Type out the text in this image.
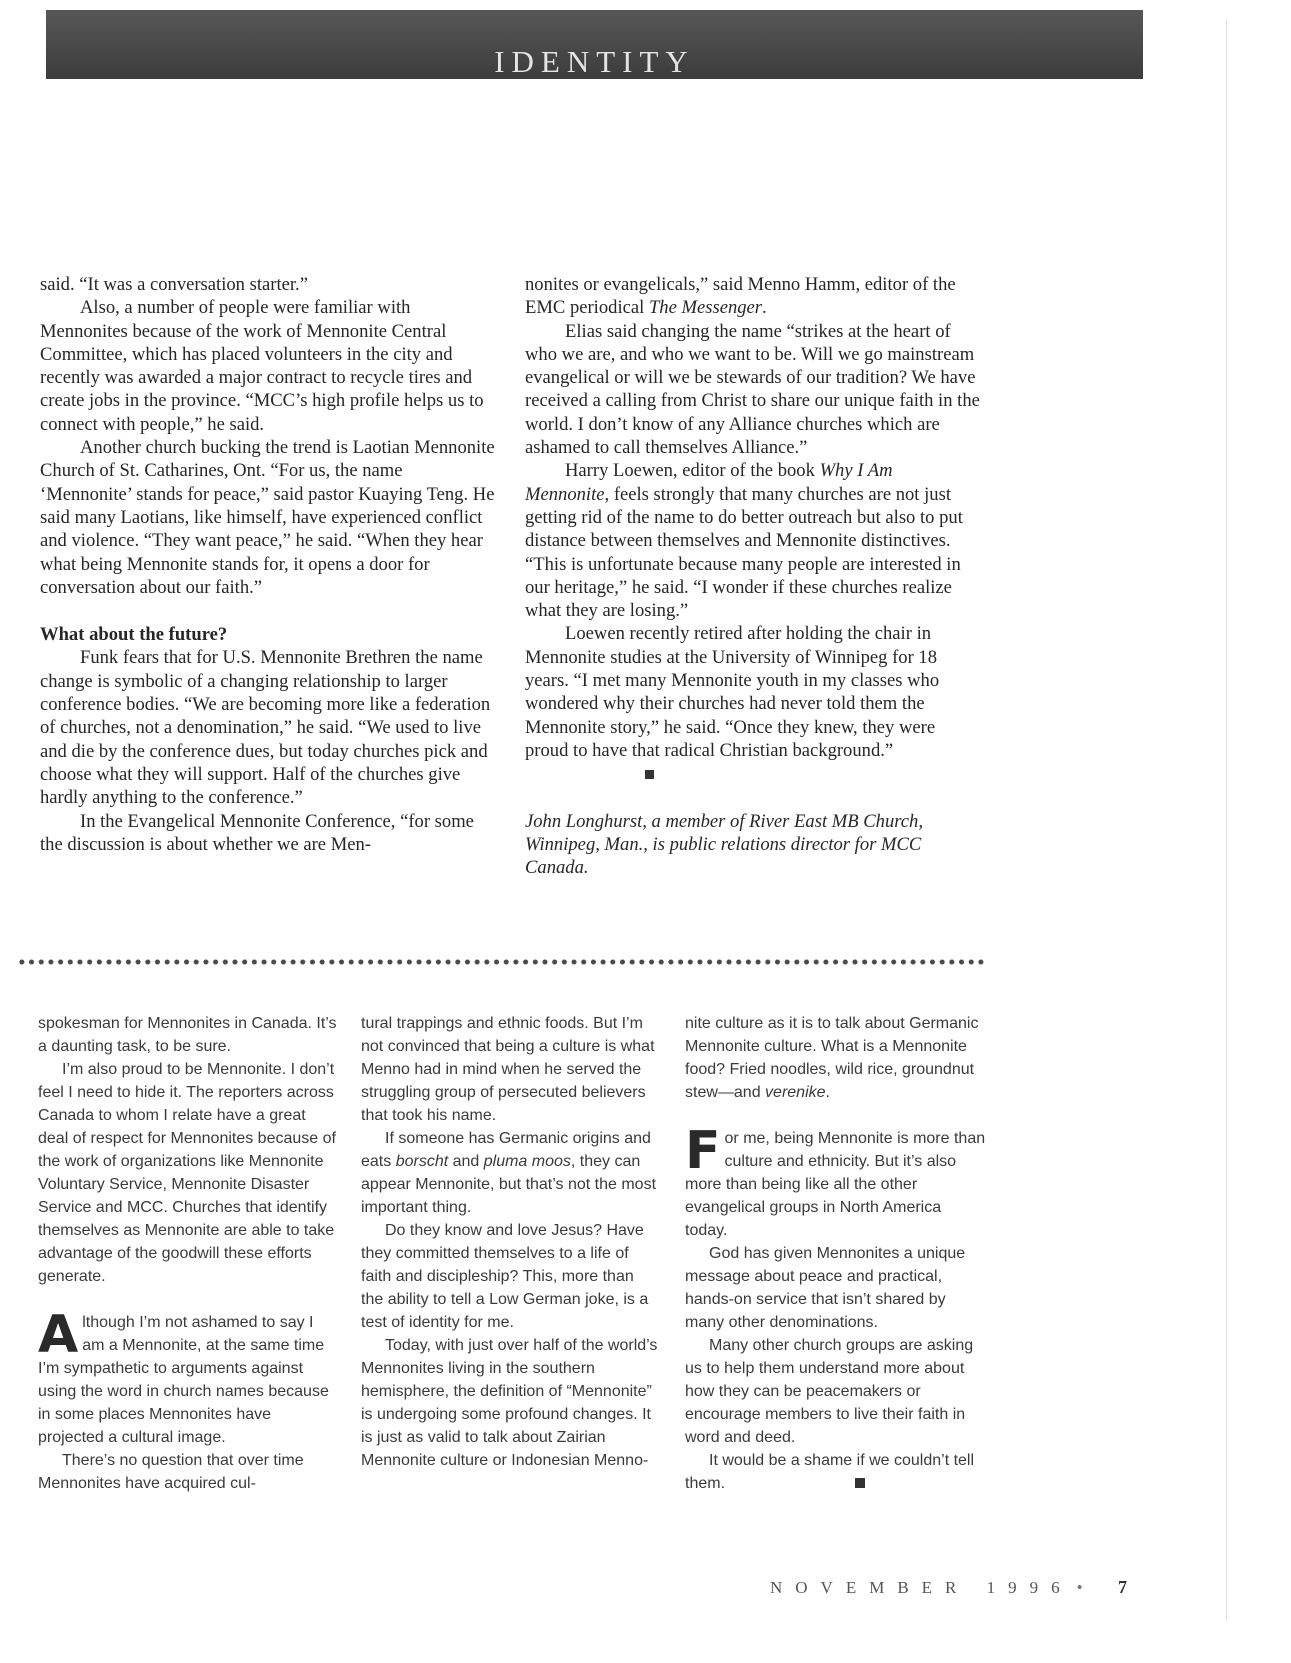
IDENTITY

said. “It was a conversation starter.”

Also, a number of people were familiar with Mennonites because of the work of Mennonite Central Committee, which has placed volunteers in the city and recently was awarded a major contract to recycle tires and create jobs in the province. “MCC’s high profile helps us to connect with people,” he said.

Another church bucking the trend is Laotian Mennonite Church of St. Catharines, Ont. “For us, the name ‘Mennonite’ stands for peace,” said pastor Kuaying Teng. He said many Laotians, like himself, have experienced conflict and violence. “They want peace,” he said. “When they hear what being Mennonite stands for, it opens a door for conversation about our faith.”

What about the future?

Funk fears that for U.S. Mennonite Brethren the name change is symbolic of a changing relationship to larger conference bodies. “We are becoming more like a federation of churches, not a denomination,” he said. “We used to live and die by the conference dues, but today churches pick and choose what they will support. Half of the churches give hardly anything to the conference.”

In the Evangelical Mennonite Conference, “for some the discussion is about whether we are Men-

nonites or evangelicals,” said Menno Hamm, editor of the EMC periodical The Messenger.

Elias said changing the name “strikes at the heart of who we are, and who we want to be. Will we go mainstream evangelical or will we be stewards of our tradition? We have received a calling from Christ to share our unique faith in the world. I don’t know of any Alliance churches which are ashamed to call themselves Alliance.”

Harry Loewen, editor of the book Why I Am Mennonite, feels strongly that many churches are not just getting rid of the name to do better outreach but also to put distance between themselves and Mennonite distinctives. “This is unfortunate because many people are interested in our heritage,” he said. “I wonder if these churches realize what they are losing.”

Loewen recently retired after holding the chair in Mennonite studies at the University of Winnipeg for 18 years. “I met many Mennonite youth in my classes who wondered why their churches had never told them the Mennonite story,” he said. “Once they knew, they were proud to have that radical Christian background.”

John Longhurst, a member of River East MB Church, Winnipeg, Man., is public relations director for MCC Canada.

spokesman for Mennonites in Canada. It’s a daunting task, to be sure.

I’m also proud to be Mennonite. I don’t feel I need to hide it. The reporters across Canada to whom I relate have a great deal of respect for Mennonites because of the work of organizations like Mennonite Voluntary Service, Mennonite Disaster Service and MCC. Churches that identify themselves as Mennonite are able to take advantage of the goodwill these efforts generate.

Although I’m not ashamed to say I am a Mennonite, at the same time I’m sympathetic to arguments against using the word in church names because in some places Mennonites have projected a cultural image.

There’s no question that over time Mennonites have acquired cul-

tural trappings and ethnic foods. But I’m not convinced that being a culture is what Menno had in mind when he served the struggling group of persecuted believers that took his name.

If someone has Germanic origins and eats borscht and pluma moos, they can appear Mennonite, but that’s not the most important thing.

Do they know and love Jesus? Have they committed themselves to a life of faith and discipleship? This, more than the ability to tell a Low German joke, is a test of identity for me.

Today, with just over half of the world’s Mennonites living in the southern hemisphere, the definition of “Mennonite” is undergoing some profound changes. It is just as valid to talk about Zairian Mennonite culture or Indonesian Menno-

nite culture as it is to talk about Germanic Mennonite culture. What is a Mennonite food? Fried noodles, wild rice, groundnut stew—and verenike.

For me, being Mennonite is more than culture and ethnicity. But it’s also more than being like all the other evangelical groups in North America today.

God has given Mennonites a unique message about peace and practical, hands-on service that isn’t shared by many other denominations.

Many other church groups are asking us to help them understand more about how they can be peacemakers or encourage members to live their faith in word and deed.

It would be a shame if we couldn’t tell them.

NOVEMBER 1996 •	7
